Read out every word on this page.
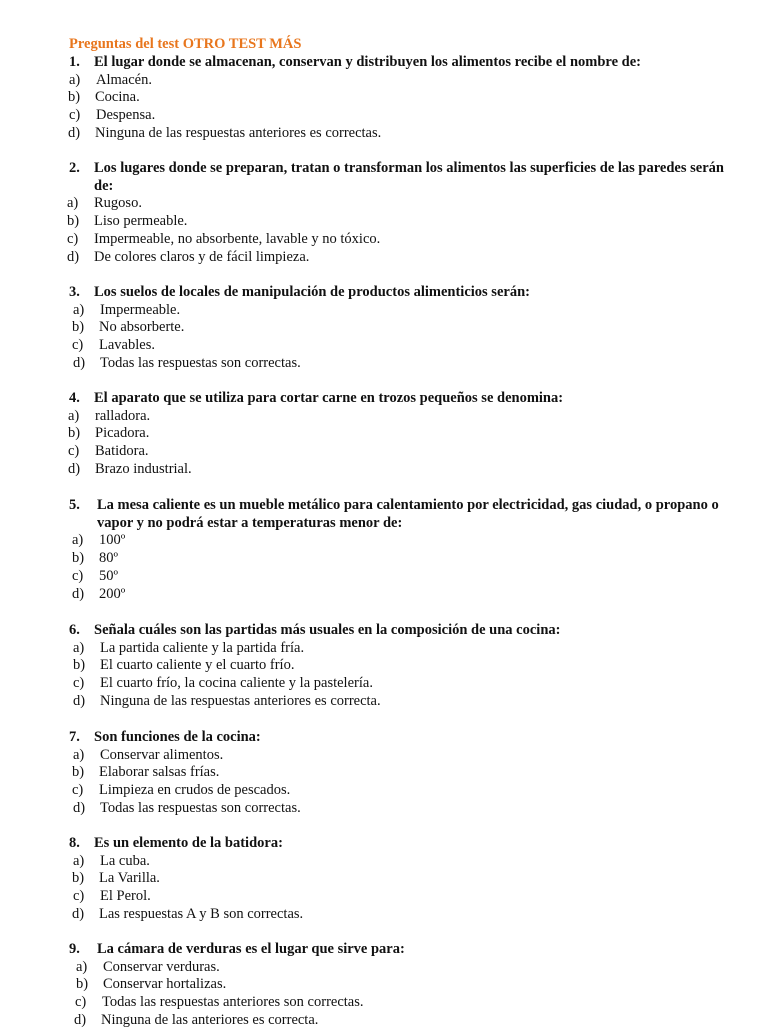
Preguntas del test OTRO TEST MÁS
1. El lugar donde se almacenan, conservan y distribuyen los alimentos recibe el nombre de:
a)	Almacén.
b)	Cocina.
c)	Despensa.
d)	Ninguna de las respuestas anteriores es correctas.
2. Los lugares donde se preparan, tratan o transforman los alimentos las superficies de las paredes serán de:
a)	Rugoso.
b)	Liso permeable.
c)	Impermeable, no absorbente, lavable y no tóxico.
d)	De colores claros y de fácil limpieza.
3. Los suelos de locales de manipulación de productos alimenticios serán:
a)	Impermeable.
b)	No absorberte.
c)	Lavables.
d)	Todas las respuestas son correctas.
4. El aparato que se utiliza para cortar carne en trozos pequeños se denomina:
a)	ralladora.
b)	Picadora.
c)	Batidora.
d)	Brazo industrial.
5.	La mesa caliente es un mueble metálico para calentamiento por electricidad, gas ciudad, o propano o vapor y no podrá estar a temperaturas menor de:
a)	100º
b)	80º
c)	50º
d)	200º
6. Señala cuáles son las partidas más usuales en la composición de una cocina:
a)	La partida caliente y la partida fría.
b)	El cuarto caliente y el cuarto frío.
c)	El cuarto frío, la cocina caliente y la pastelería.
d)	Ninguna de las respuestas anteriores es correcta.
7. Son funciones de la cocina:
a)	Conservar alimentos.
b)	Elaborar salsas frías.
c)	Limpieza en crudos de pescados.
d)	Todas las respuestas son correctas.
8. Es un elemento de la batidora:
a)	La cuba.
b)	La Varilla.
c)	El Perol.
d)	Las respuestas A y B son correctas.
9.	La cámara de verduras es el lugar que sirve para:
a)	Conservar verduras.
b)	Conservar hortalizas.
c)	Todas las respuestas anteriores son correctas.
d)	Ninguna de las anteriores es correcta.
